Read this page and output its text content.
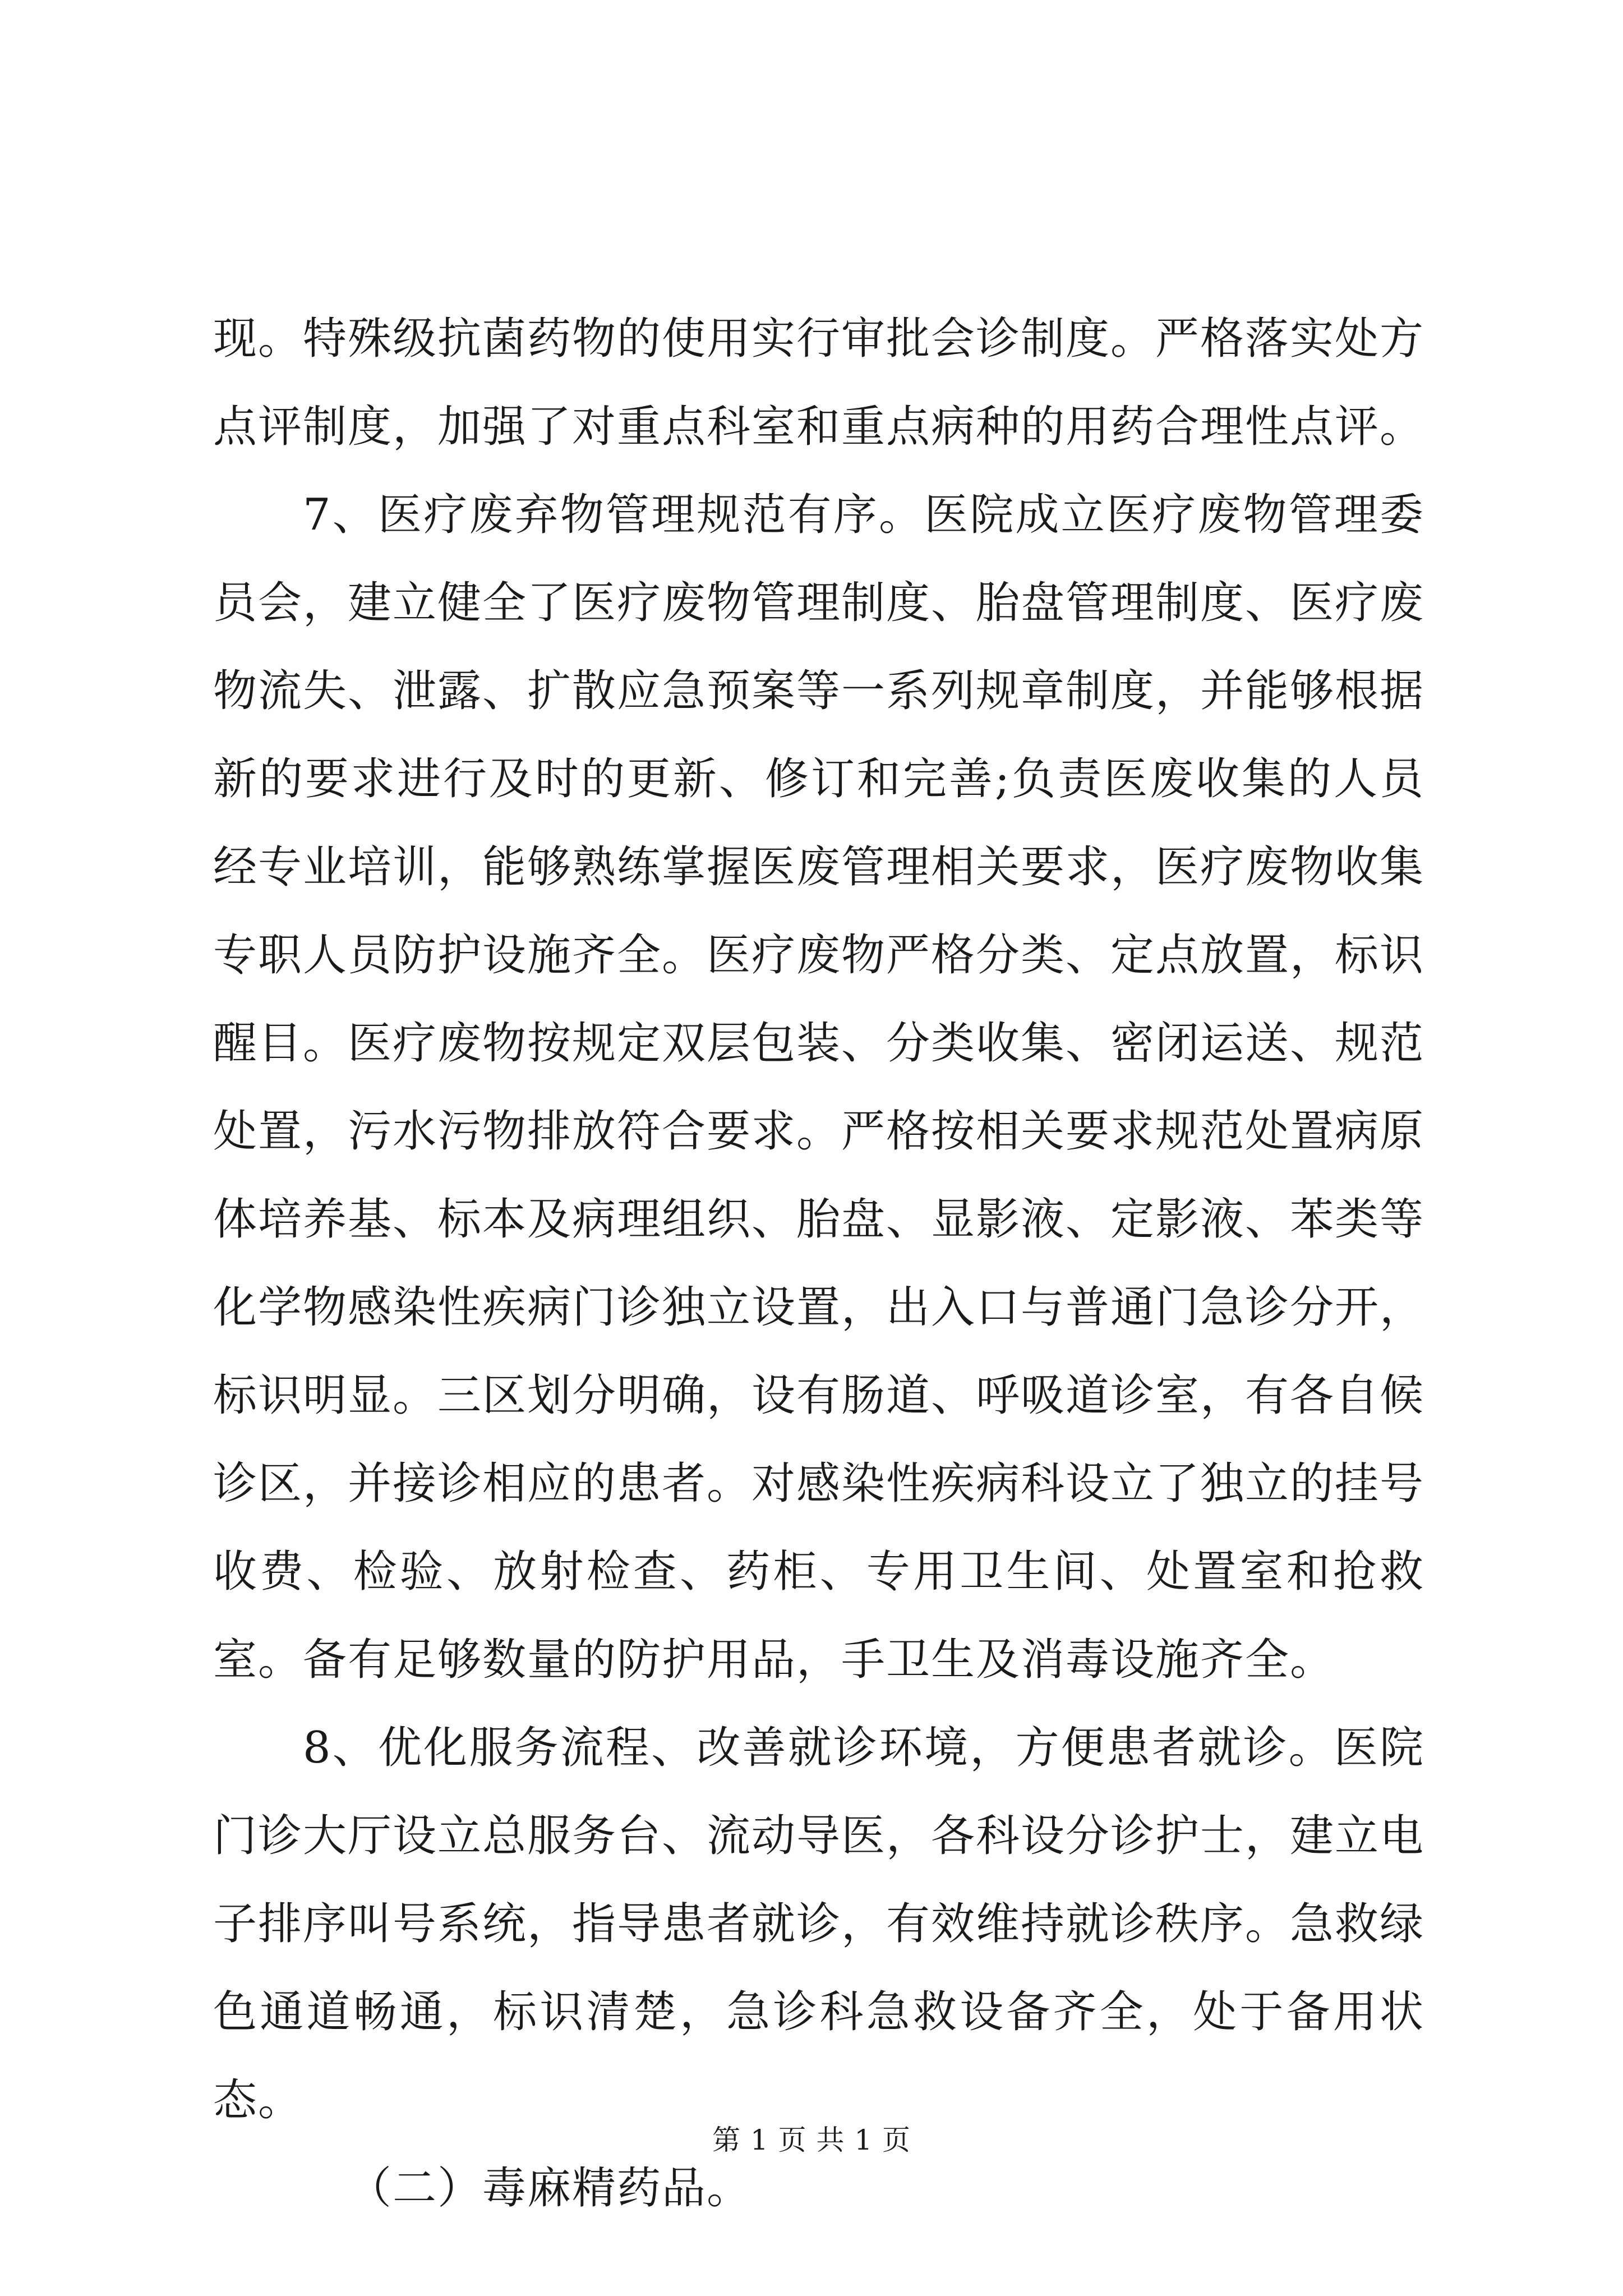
现。特殊级抗菌药物的使用实行审批会诊制度。严格落实处方点评制度，加强了对重点科室和重点病种的用药合理性点评。

7、医疗废弃物管理规范有序。医院成立医疗废物管理委员会，建立健全了医疗废物管理制度、胎盘管理制度、医疗废物流失、泄露、扩散应急预案等一系列规章制度，并能够根据新的要求进行及时的更新、修订和完善;负责医废收集的人员经专业培训，能够熟练掌握医废管理相关要求，医疗废物收集专职人员防护设施齐全。医疗废物严格分类、定点放置，标识醒目。医疗废物按规定双层包装、分类收集、密闭运送、规范处置，污水污物排放符合要求。严格按相关要求规范处置病原体培养基、标本及病理组织、胎盘、显影液、定影液、苯类等化学物感染性疾病门诊独立设置，出入口与普通门急诊分开，标识明显。三区划分明确，设有肠道、呼吸道诊室，有各自候诊区，并接诊相应的患者。对感染性疾病科设立了独立的挂号收费、检验、放射检查、药柜、专用卫生间、处置室和抢救室。备有足够数量的防护用品，手卫生及消毒设施齐全。

8、优化服务流程、改善就诊环境，方便患者就诊。医院门诊大厅设立总服务台、流动导医，各科设分诊护士，建立电子排序叫号系统，指导患者就诊，有效维持就诊秩序。急救绿色通道畅通，标识清楚，急诊科急救设备齐全，处于备用状态。

（二）毒麻精药品。

第 1 页 共 1 页
